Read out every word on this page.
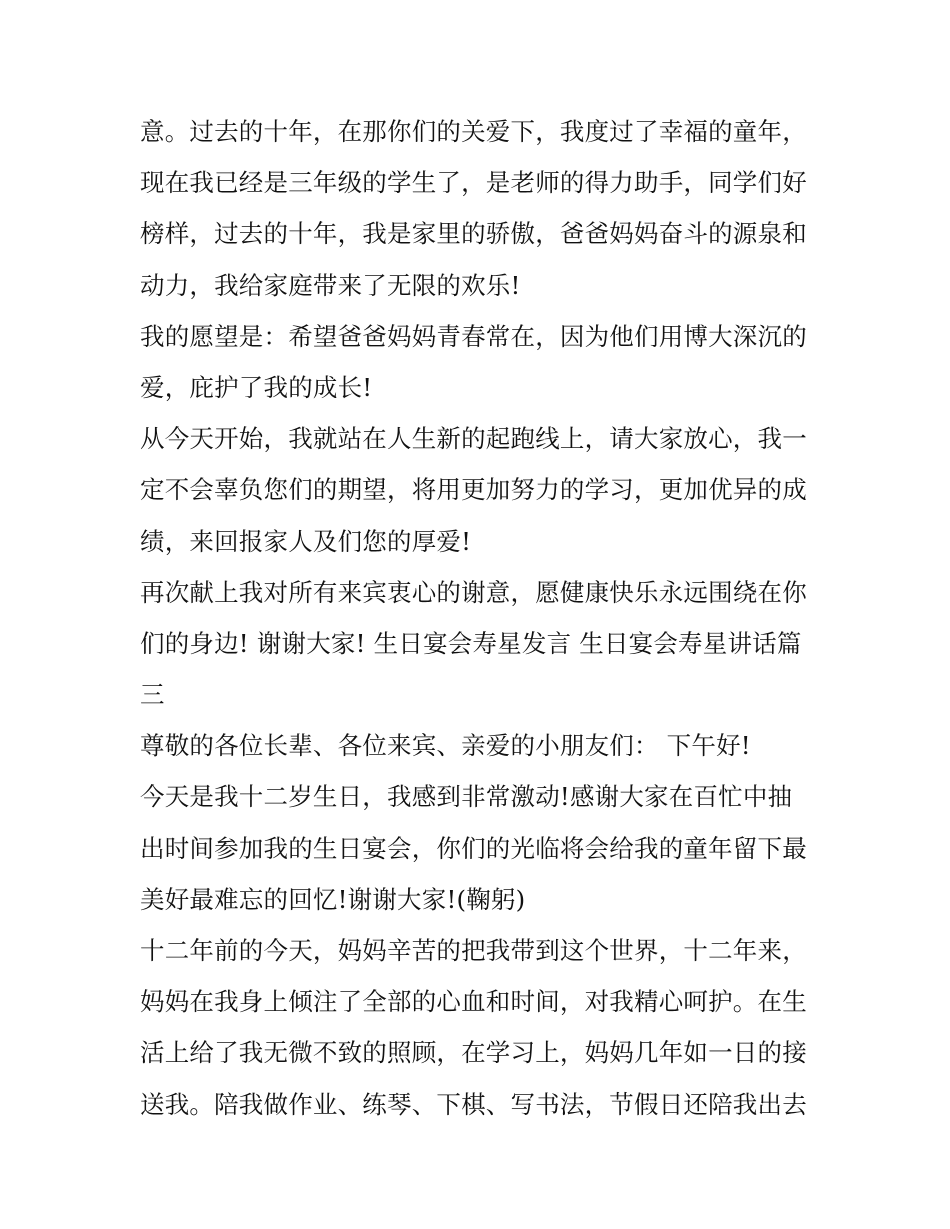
意。过去的十年，在那你们的关爱下，我度过了幸福的童年，
现在我已经是三年级的学生了，是老师的得力助手，同学们好
榜样，过去的十年，我是家里的骄傲，爸爸妈妈奋斗的源泉和
动力，我给家庭带来了无限的欢乐!
我的愿望是：希望爸爸妈妈青春常在，因为他们用博大深沉的
爱，庇护了我的成长!
从今天开始，我就站在人生新的起跑线上，请大家放心，我一
定不会辜负您们的期望，将用更加努力的学习，更加优异的成
绩，来回报家人及们您的厚爱!
再次献上我对所有来宾衷心的谢意，愿健康快乐永远围绕在你
们的身边! 谢谢大家! 生日宴会寿星发言 生日宴会寿星讲话篇
三
尊敬的各位长辈、各位来宾、亲爱的小朋友们： 下午好!
今天是我十二岁生日，我感到非常激动!感谢大家在百忙中抽
出时间参加我的生日宴会，你们的光临将会给我的童年留下最
美好最难忘的回忆!谢谢大家!(鞠躬)
十二年前的今天，妈妈辛苦的把我带到这个世界，十二年来，
妈妈在我身上倾注了全部的心血和时间，对我精心呵护。在生
活上给了我无微不致的照顾，在学习上，妈妈几年如一日的接
送我。陪我做作业、练琴、下棋、写书法，节假日还陪我出去
